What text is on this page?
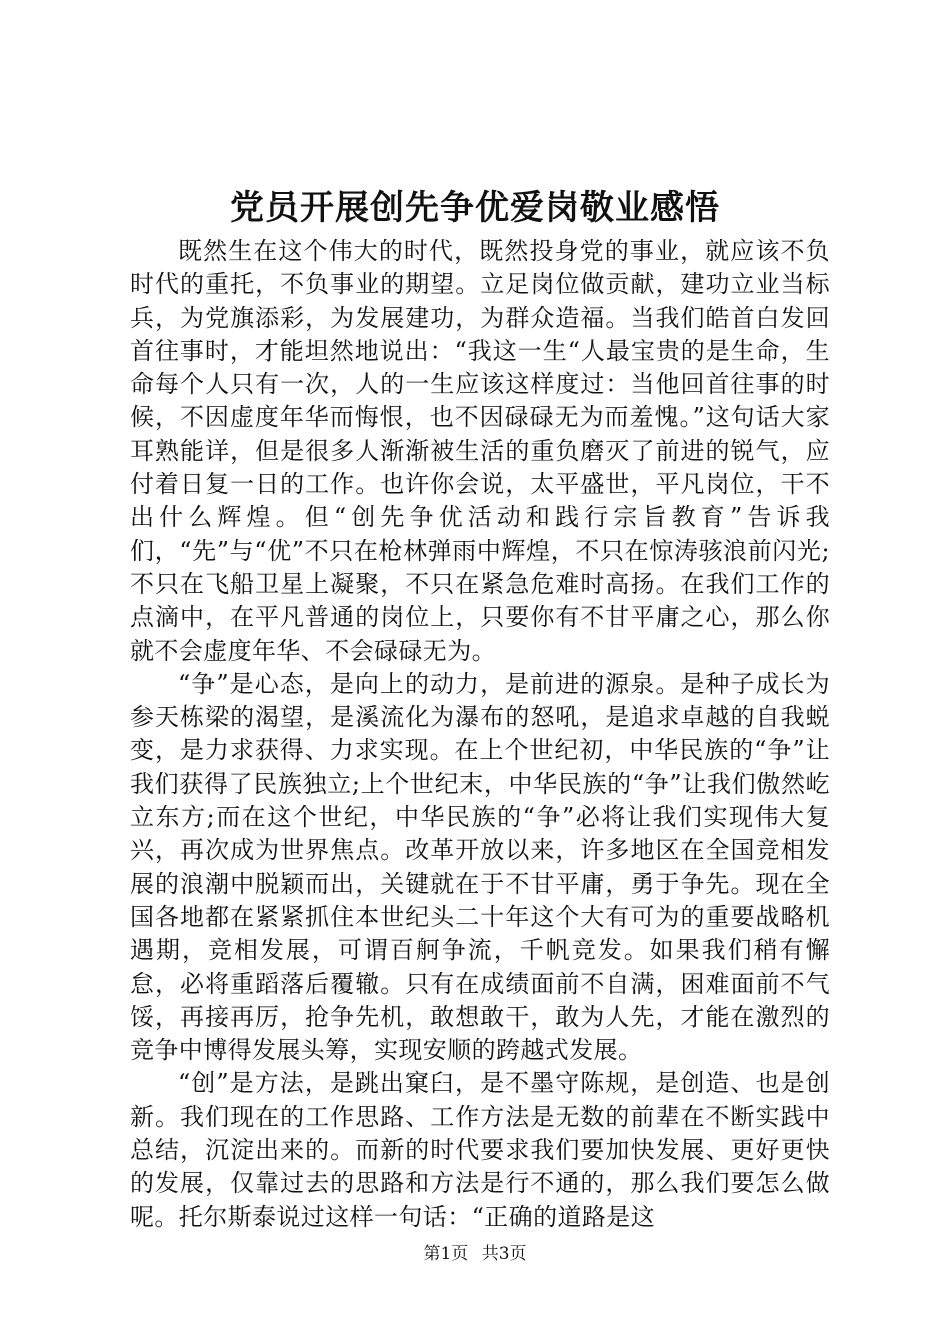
党员开展创先争优爱岗敬业感悟

既然生在这个伟大的时代，既然投身党的事业，就应该不负时代的重托，不负事业的期望。立足岗位做贡献，建功立业当标兵，为党旗添彩，为发展建功，为群众造福。当我们皓首白发回首往事时，才能坦然地说出：“我这一生“人最宝贵的是生命，生命每个人只有一次，人的一生应该这样度过：当他回首往事的时候，不因虚度年华而悔恨，也不因碌碌无为而羞愧。”这句话大家耳熟能详，但是很多人渐渐被生活的重负磨灭了前进的锐气，应付着日复一日的工作。也许你会说，太平盛世，平凡岗位，干不出什么辉煌。但“创先争优活动和践行宗旨教育”告诉我们，“先”与“优”不只在枪林弹雨中辉煌，不只在惊涛骇浪前闪光;不只在飞船卫星上凝聚，不只在紧急危难时高扬。在我们工作的点滴中，在平凡普通的岗位上，只要你有不甘平庸之心，那么你就不会虚度年华、不会碌碌无为。

“争”是心态，是向上的动力，是前进的源泉。是种子成长为参天栋梁的渴望，是溪流化为瀑布的怒吼，是追求卓越的自我蜕变，是力求获得、力求实现。在上个世纪初，中华民族的“争”让我们获得了民族独立;上个世纪末，中华民族的“争”让我们傲然屹立东方;而在这个世纪，中华民族的“争”必将让我们实现伟大复兴，再次成为世界焦点。改革开放以来，许多地区在全国竞相发展的浪潮中脱颖而出，关键就在于不甘平庸，勇于争先。现在全国各地都在紧紧抓住本世纪头二十年这个大有可为的重要战略机遇期，竞相发展，可谓百舸争流，千帆竞发。如果我们稍有懈怠，必将重蹈落后覆辙。只有在成绩面前不自满，困难面前不气馁，再接再厉，抢争先机，敢想敢干，敢为人先，才能在激烈的竞争中博得发展头筹，实现安顺的跨越式发展。

“创”是方法，是跳出窠臼，是不墨守陈规，是创造、也是创新。我们现在的工作思路、工作方法是无数的前辈在不断实践中总结，沉淀出来的。而新的时代要求我们要加快发展、更好更快的发展，仅靠过去的思路和方法是行不通的，那么我们要怎么做呢。托尔斯泰说过这样一句话：“正确的道路是这

第1页 共3页
